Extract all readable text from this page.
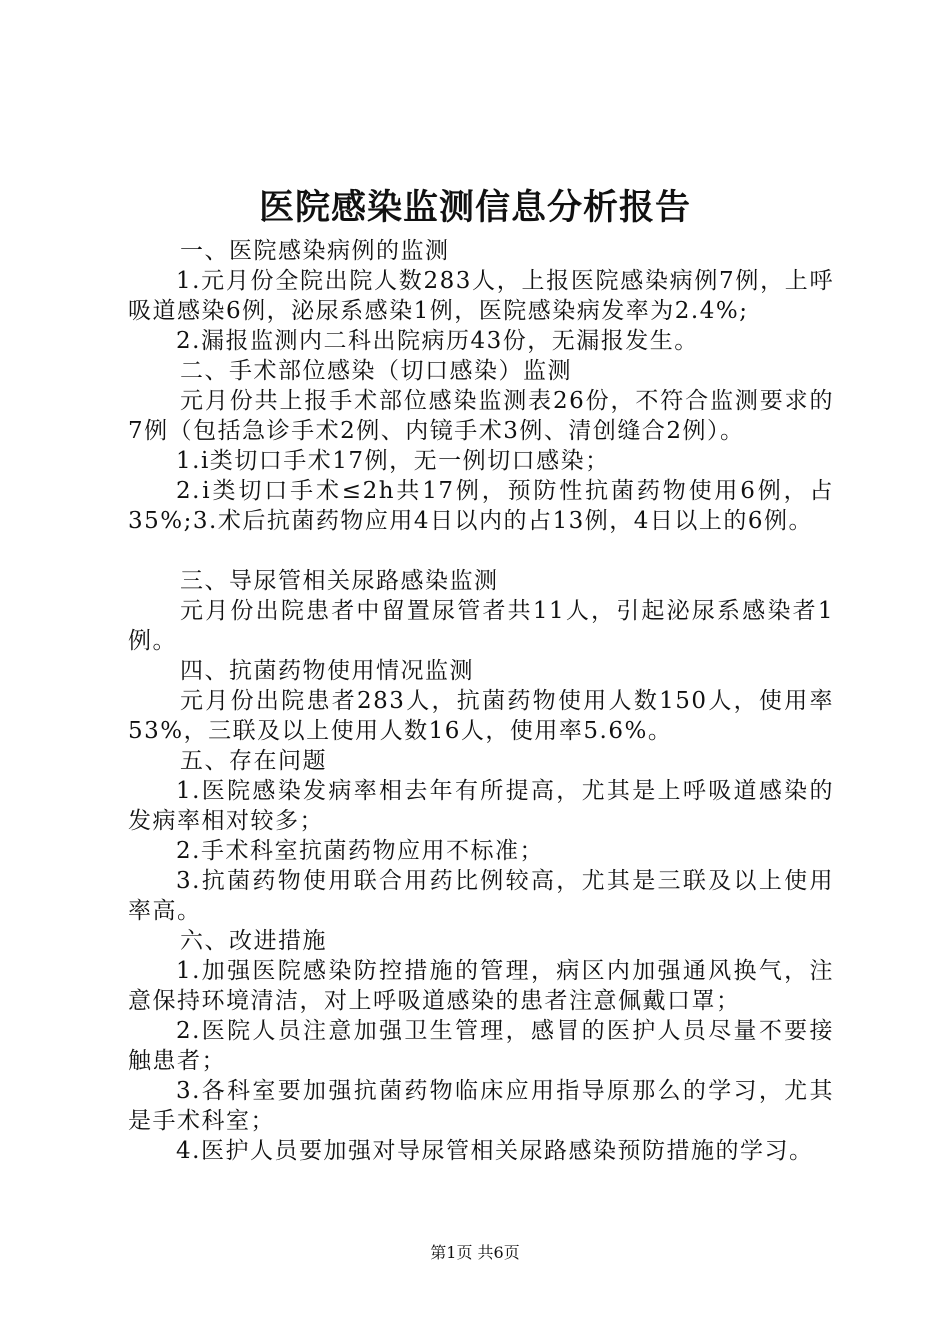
医院感染监测信息分析报告

一、医院感染病例的监测

1.元月份全院出院人数283人，上报医院感染病例7例，上呼吸道感染6例，泌尿系感染1例，医院感染病发率为2.4%;

2.漏报监测内二科出院病历43份，无漏报发生。

二、手术部位感染（切口感染）监测

元月份共上报手术部位感染监测表26份，不符合监测要求的7例（包括急诊手术2例、内镜手术3例、清创缝合2例）。

1.ⅰ类切口手术17例，无一例切口感染；

2.ⅰ类切口手术≤2h共17例，预防性抗菌药物使用6例，占35%;3.术后抗菌药物应用4日以内的占13例，4日以上的6例。

三、导尿管相关尿路感染监测

元月份出院患者中留置尿管者共11人，引起泌尿系感染者1例。

四、抗菌药物使用情况监测

元月份出院患者283人，抗菌药物使用人数150人，使用率53%，三联及以上使用人数16人，使用率5.6%。

五、存在问题

1.医院感染发病率相去年有所提高，尤其是上呼吸道感染的发病率相对较多；

2.手术科室抗菌药物应用不标准；

3.抗菌药物使用联合用药比例较高，尤其是三联及以上使用率高。

六、改进措施

1.加强医院感染防控措施的管理，病区内加强通风换气，注意保持环境清洁，对上呼吸道感染的患者注意佩戴口罩；

2.医院人员注意加强卫生管理，感冒的医护人员尽量不要接触患者；

3.各科室要加强抗菌药物临床应用指导原那么的学习，尤其是手术科室；

4.医护人员要加强对导尿管相关尿路感染预防措施的学习。

第1页 共6页
